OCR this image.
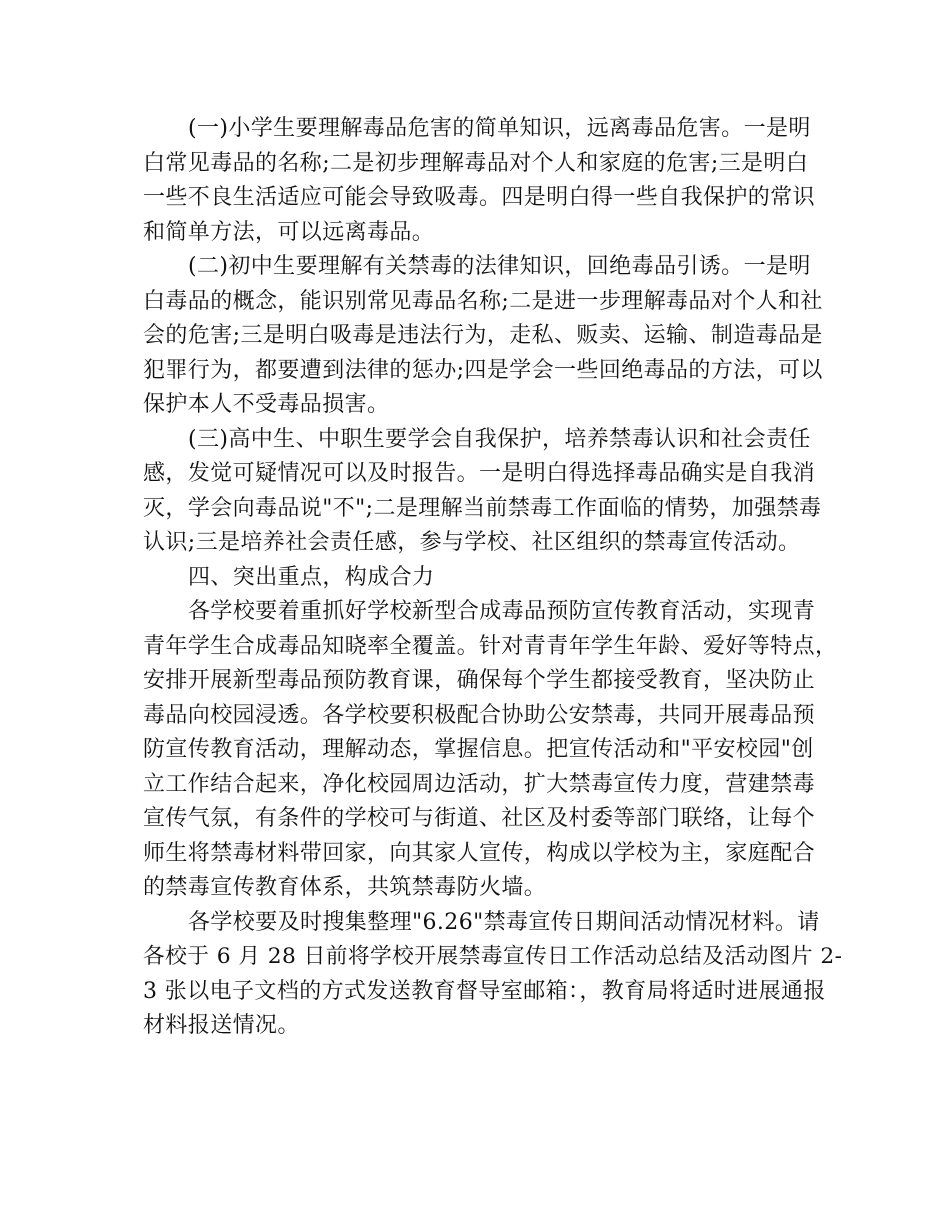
(一)小学生要理解毒品危害的简单知识，远离毒品危害。一是明
白常见毒品的名称;二是初步理解毒品对个人和家庭的危害;三是明白
一些不良生活适应可能会导致吸毒。四是明白得一些自我保护的常识
和简单方法，可以远离毒品。
(二)初中生要理解有关禁毒的法律知识，回绝毒品引诱。一是明
白毒品的概念，能识别常见毒品名称;二是进一步理解毒品对个人和社
会的危害;三是明白吸毒是违法行为，走私、贩卖、运输、制造毒品是
犯罪行为，都要遭到法律的惩办;四是学会一些回绝毒品的方法，可以
保护本人不受毒品损害。
(三)高中生、中职生要学会自我保护，培养禁毒认识和社会责任
感，发觉可疑情况可以及时报告。一是明白得选择毒品确实是自我消
灭，学会向毒品说"不";二是理解当前禁毒工作面临的情势，加强禁毒
认识;三是培养社会责任感，参与学校、社区组织的禁毒宣传活动。
四、突出重点，构成合力
各学校要着重抓好学校新型合成毒品预防宣传教育活动，实现青
青年学生合成毒品知晓率全覆盖。针对青青年学生年龄、爱好等特点，
安排开展新型毒品预防教育课，确保每个学生都接受教育，坚决防止
毒品向校园浸透。各学校要积极配合协助公安禁毒，共同开展毒品预
防宣传教育活动，理解动态，掌握信息。把宣传活动和"平安校园"创
立工作结合起来，净化校园周边活动，扩大禁毒宣传力度，营建禁毒
宣传气氛，有条件的学校可与街道、社区及村委等部门联络，让每个
师生将禁毒材料带回家，向其家人宣传，构成以学校为主，家庭配合
的禁毒宣传教育体系，共筑禁毒防火墙。
各学校要及时搜集整理"6.26"禁毒宣传日期间活动情况材料。请
各校于 6 月 28 日前将学校开展禁毒宣传日工作活动总结及活动图片 2-
3 张以电子文档的方式发送教育督导室邮箱：，教育局将适时进展通报
材料报送情况。
